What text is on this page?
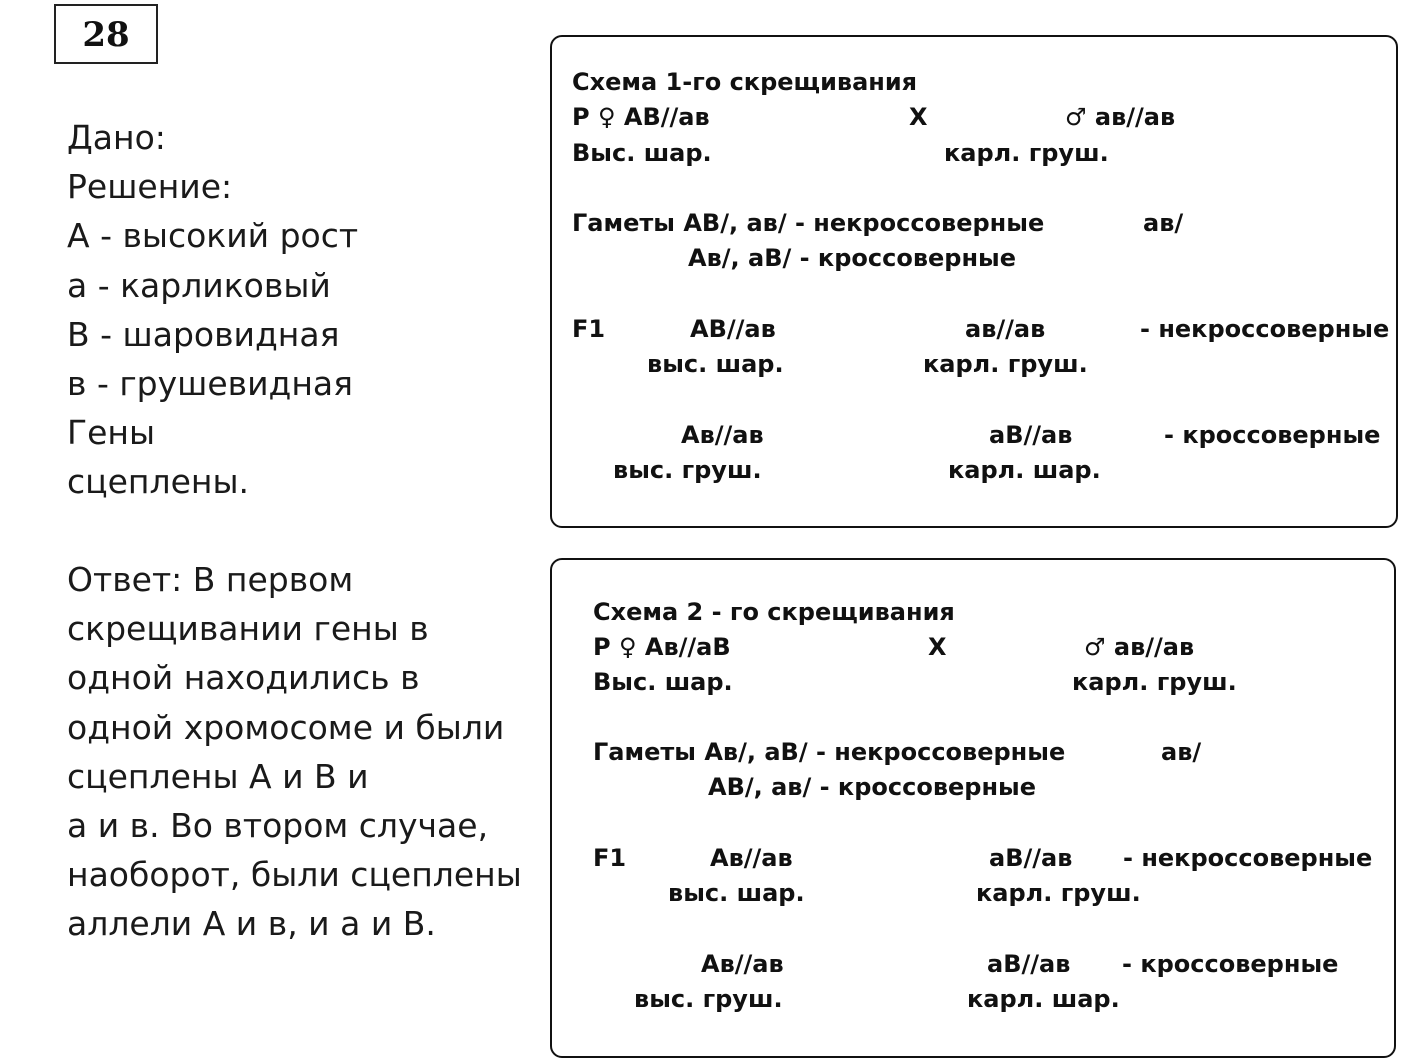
28
Дано:
Решение:
А - высокий рост
а - карликовый
В - шаровидная
в - грушевидная
Гены
сцеплены.
Ответ: В первом
скрещивании гены в
одной находились в
одной хромосоме и были
сцеплены А и В и
а и в. Во втором случае,
наоборот, были сцеплены
аллели А и в, и а и В.
Схема 1-го скрещивания
Р ♀ АВ//ав	Х	♂ ав//ав
Выс. шар.	карл. груш.
Гаметы АВ/, ав/ - некроссоверные	ав/
Ав/, аВ/ - кроссоверные
F1	АВ//ав	ав//ав	- некроссоверные
выс. шар.	карл. груш.
Ав//ав	аВ//ав	- кроссоверные
выс. груш.	карл. шар.
Схема 2 - го скрещивания
Р ♀ Ав//аВ	Х	♂ ав//ав
Выс. шар.	карл. груш.
Гаметы Ав/, аВ/ - некроссоверные	ав/
АВ/, ав/ - кроссоверные
F1	Ав//ав	аВ//ав - некроссоверные
выс. шар.	карл. груш.
Ав//ав	аВ//ав - кроссоверные
выс. груш.	карл. шар.
